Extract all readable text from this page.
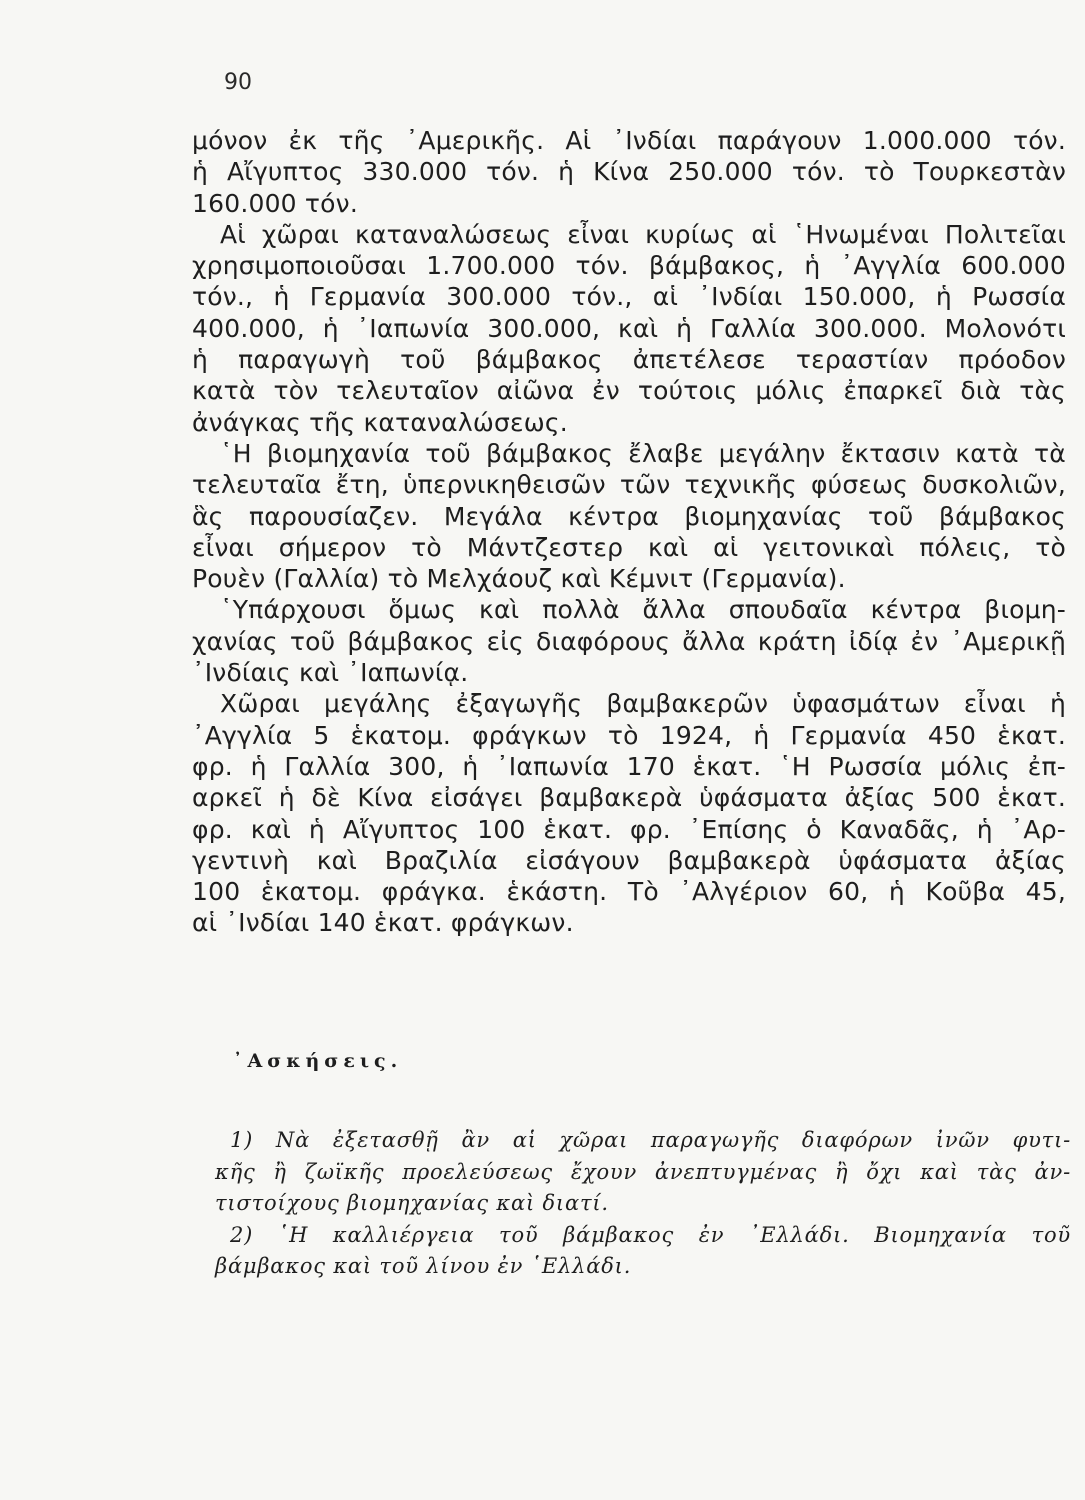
90
μόνον ἐκ τῆς ᾿Αμερικῆς. Αἱ ᾿Ινδίαι παράγουν 1.000.000 τόν.
ἡ Αἴγυπτος 330.000 τόν. ἡ Κίνα 250.000 τόν. τὸ Τουρκεστὰν
160.000 τόν.
Αἱ χῶραι καταναλώσεως εἶναι κυρίως αἱ ῾Ηνωμέναι Πολιτεῖαι
χρησιμοποιοῦσαι 1.700.000 τόν. βάμβακος, ἡ ᾿Αγγλία 600.000
τόν., ἡ Γερμανία 300.000 τόν., αἱ ᾿Ινδίαι 150.000, ἡ Ρωσσία
400.000, ἡ ᾿Ιαπωνία 300.000, καὶ ἡ Γαλλία 300.000. Μολονότι
ἡ παραγωγὴ τοῦ βάμβακος ἀπετέλεσε τεραστίαν πρόοδον
κατὰ τὸν τελευταῖον αἰῶνα ἐν τούτοις μόλις ἐπαρκεῖ διὰ τὰς
ἀνάγκας τῆς καταναλώσεως.
῾Η βιομηχανία τοῦ βάμβακος ἔλαβε μεγάλην ἔκτασιν κατὰ τὰ
τελευταῖα ἔτη, ὑπερνικηθεισῶν τῶν τεχνικῆς φύσεως δυσκολιῶν,
ἃς παρουσίαζεν. Μεγάλα κέντρα βιομηχανίας τοῦ βάμβακος
εἶναι σήμερον τὸ Μάντζεστερ καὶ αἱ γειτονικαὶ πόλεις, τὸ
Ρουὲν (Γαλλία) τὸ Μελχάουζ καὶ Κέμνιτ (Γερμανία).
῾Υπάρχουσι ὅμως καὶ πολλὰ ἄλλα σπουδαῖα κέντρα βιομη-
χανίας τοῦ βάμβακος εἰς διαφόρους ἄλλα κράτη ἰδίᾳ ἐν ᾿Αμερικῇ
᾿Ινδίαις καὶ ᾿Ιαπωνίᾳ.
Χῶραι μεγάλης ἐξαγωγῆς βαμβακερῶν ὑφασμάτων εἶναι ἡ
᾿Αγγλία 5 ἑκατομ. φράγκων τὸ 1924, ἡ Γερμανία 450 ἑκατ.
φρ. ἡ Γαλλία 300, ἡ ᾿Ιαπωνία 170 ἑκατ. ῾Η Ρωσσία μόλις ἐπ-
αρκεῖ ἡ δὲ Κίνα εἰσάγει βαμβακερὰ ὑφάσματα ἀξίας 500 ἑκατ.
φρ. καὶ ἡ Αἴγυπτος 100 ἑκατ. φρ. ᾿Επίσης ὁ Καναδᾶς, ἡ ᾿Αρ-
γεντινὴ καὶ Βραζιλία εἰσάγουν βαμβακερὰ ὑφάσματα ἀξίας
100 ἑκατομ. φράγκα. ἑκάστη. Τὸ ᾿Αλγέριον 60, ἡ Κοῦβα 45,
αἱ ᾿Ινδίαι 140 ἑκατ. φράγκων.
᾿Ασκήσεις.
1) Νὰ ἐξετασθῇ ἂν αἱ χῶραι παραγωγῆς διαφόρων ἰνῶν φυτι-
κῆς ἢ ζωϊκῆς προελεύσεως ἔχουν ἀνεπτυγμένας ἢ ὄχι καὶ τὰς ἀν-
τιστοίχους βιομηχανίας καὶ διατί.
2) ῾Η καλλιέργεια τοῦ βάμβακος ἐν ᾿Ελλάδι. Βιομηχανία τοῦ
βάμβακος καὶ τοῦ λίνου ἐν ῾Ελλάδι.
